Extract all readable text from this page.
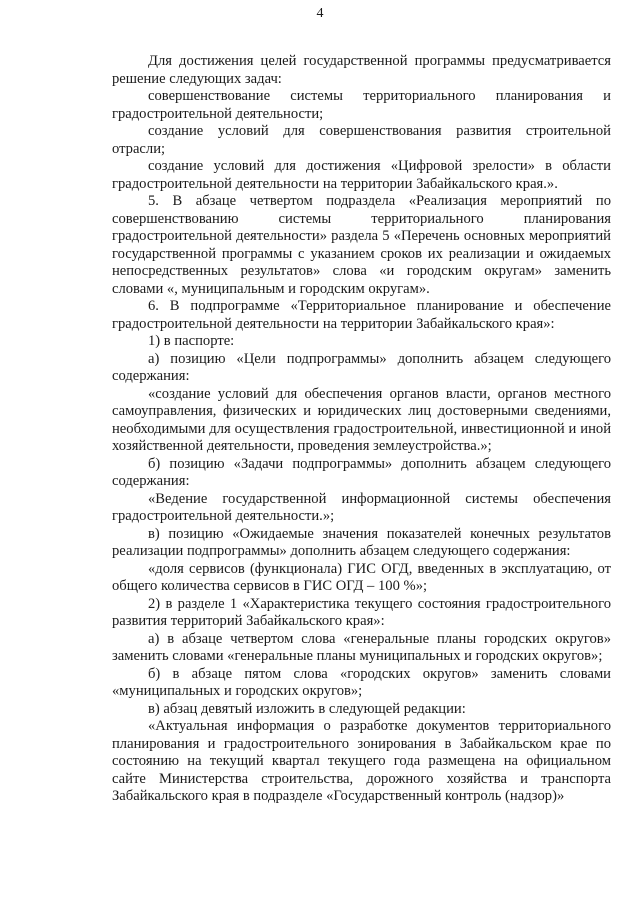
4

Для достижения целей государственной программы предусматривается решение следующих задач:

совершенствование системы территориального планирования и градостроительной деятельности;

создание условий для совершенствования развития строительной отрасли;

создание условий для достижения «Цифровой зрелости» в области градостроительной деятельности на территории Забайкальского края.».

5. В абзаце четвертом подраздела «Реализация мероприятий по совершенствованию системы территориального планирования градостроительной деятельности» раздела 5 «Перечень основных мероприятий государственной программы с указанием сроков их реализации и ожидаемых непосредственных результатов» слова «и городским округам» заменить словами «, муниципальным и городским округам».

6. В подпрограмме «Территориальное планирование и обеспечение градостроительной деятельности на территории Забайкальского края»:

1) в паспорте:

а) позицию «Цели подпрограммы» дополнить абзацем следующего содержания:

«создание условий для обеспечения органов власти, органов местного самоуправления, физических и юридических лиц достоверными сведениями, необходимыми для осуществления градостроительной, инвестиционной и иной хозяйственной деятельности, проведения землеустройства.»;

б) позицию «Задачи подпрограммы» дополнить абзацем следующего содержания:

«Ведение государственной информационной системы обеспечения градостроительной деятельности.»;

в) позицию «Ожидаемые значения показателей конечных результатов реализации подпрограммы» дополнить абзацем следующего содержания:

«доля сервисов (функционала) ГИС ОГД, введенных в эксплуатацию, от общего количества сервисов в ГИС ОГД – 100 %»;

2) в разделе 1 «Характеристика текущего состояния градостроительного развития территорий Забайкальского края»:

а) в абзаце четвертом слова «генеральные планы городских округов» заменить словами «генеральные планы муниципальных и городских округов»;

б) в абзаце пятом слова «городских округов» заменить словами «муниципальных и городских округов»;

в) абзац девятый изложить в следующей редакции:

«Актуальная информация о разработке документов территориального планирования и градостроительного зонирования в Забайкальском крае по состоянию на текущий квартал текущего года размещена на официальном сайте Министерства строительства, дорожного хозяйства и транспорта Забайкальского края в подразделе «Государственный контроль (надзор)»
